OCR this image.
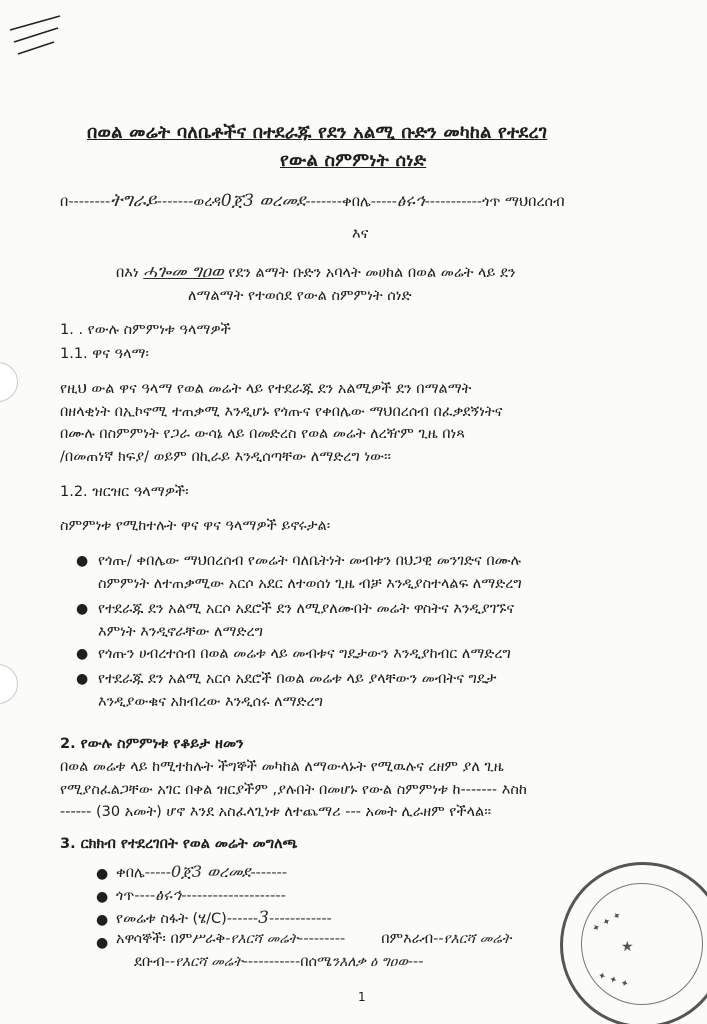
በወል መሬት ባለቤቶችና በተደራጁ የደን አልሚ ቡድን መካከል የተደረገ
የውል ስምምነት ሰነድ
በ--------ትግራይ-------ወረዳ0ጀ3 ወረመደ-------ቀበሌ-----ፅሩኅ-----------ጎጥ ማህበረሰብ
እና
በእነ ሓጐመ ግዐወ የደን ልማት ቡድን አባላት መሀከል በወል መሬት ላይ ደን
ለማልማት የተወሰደ የውል ስምምነት ሰነድ
1. . የውሉ ስምምነቱ ዓላማዎች
1.1. ዋና ዓላማ፡
የዚህ ውል ዋና ዓላማ የወል መሬት ላይ የተደራጁ ደን አልሚዎች ደን በማልማት
በዘላቂነት በኢኮኖሚ ተጠቃሚ እንዲሆኑ የጎጡና የቀበሌው ማህበረሰብ በፈቃደኝነትና
በሙሉ በስምምነት የጋራ ውሳኔ ላይ በመድረስ የወል መሬት ለረዥም ጊዜ በነጻ
/በመጠነኛ ክፍያ/ ወይም በኪራይ እንዲሰጣቸው ለማድረግ ነው፡፡
1.2. ዝርዝር ዓላማዎች፡
ስምምነቱ የሚከተሉት ዋና ዋና ዓላማዎች ይኖሩታል፡
● የጎጡ/ ቀበሌው ማህበረሰብ የመሬት ባለቤትነት መብቱን በህጋዊ መንገድና በሙሉ
ስምምነት ለተጠቃሚው አርሶ አደር ለተወሰነ ጊዜ ብቻ እንዲያስተላልፍ ለማድረግ
● የተደራጁ ደን አልሚ አርሶ አደሮች ደን ለሚያለሙበት መሬት ዋስትና እንዲያገኙና
እምነት እንዲኖራቸው ለማድረግ
● የጎጡን ሀብረተሰብ በወል መሬቱ ላይ መብቱና ግዴታውን እንዲያከብር ለማድረግ
● የተደራጁ ደን አልሚ አርሶ አደሮች በወል መሬቱ ላይ ያላቸውን መብትና ግዴታ
እንዲያውቁና አክብረው እንዲሰሩ ለማድረግ
2. የውሉ ስምምነቱ የቆይታ ዘመን
በወል መሬቱ ላይ ከሚተከሉት ችግኞች መካከል ለማውላኑት የሚዉሉና ረዘም ያለ ጊዜ
የሚያስፈልጋቸው አገር በቀል ዝርያችም ,ያሉበት በመሆኑ የውል ስምምነቱ ከ------- እስከ
------ (30 አመት) ሆኖ እንደ አስፈላጊነቱ ለተጨማሪ --- አመት ሊራዘም የችላል፡፡
3. ርክክብ የተደረገበት የወል መሬት መግለጫ
● ቀበሌ-----0ጀ3 ወረመደ-------
● ጎጥ----ፅሩኅ--------------------
● የመሬቱ ስፋት (ሄ/C)------3------------
● አዋሳኞች፡ በምሥራቅ-የእርሻ መሬት--------- በምእራብ--የእርሻ መሬት
ደቡብ--የእርሻ መሬት-----------በሰሜንእለቃ ዕ ግዐወ---
1
✦ ✦ ✦
★
✦ ✦ ✦
